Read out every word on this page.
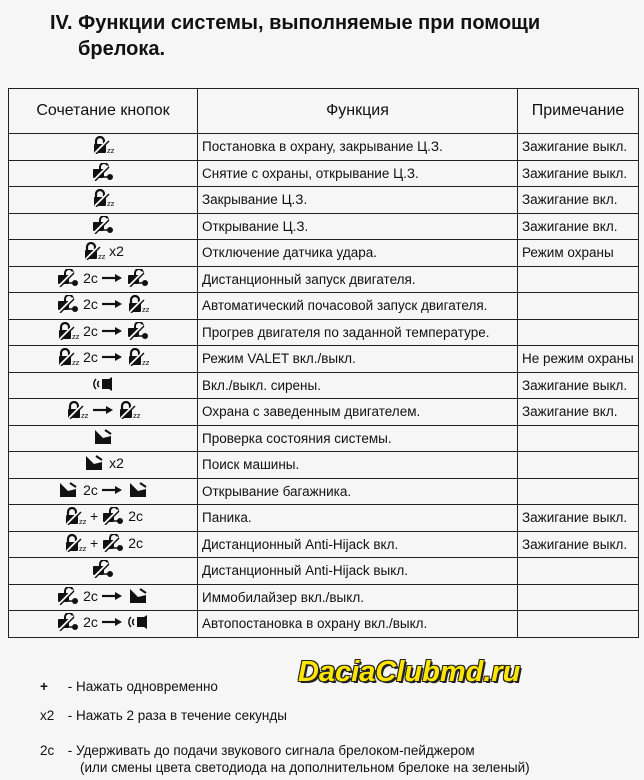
IV. Функции системы, выполняемые при помощи
брелока.
Сочетание кнопок	Функция	Примечание

zz	Постановка в охрану, закрывание Ц.З.	Зажигание выкл.

	Снятие с охраны, открывание Ц.З.	Зажигание выкл.

zz	Закрывание Ц.З.	Зажигание вкл.

	Открывание Ц.З.	Зажигание вкл.

zz x2	Отключение датчика удара.	Режим охраны

2с	Дистанционный запуск двигателя.	

2с zz	Автоматический почасовой запуск двигателя.	

zz 2с	Прогрев двигателя по заданной температуре.	

zz 2с zz	Режим VALET вкл./выкл.	Не режим охраны

	Вкл./выкл. сирены.	Зажигание выкл.

zz zz	Охрана с заведенным двигателем.	Зажигание вкл.

	Проверка состояния системы.	

x2	Поиск машины.	

2с	Открывание багажника.	

zz + 2с	Паника.	Зажигание выкл.

zz + 2с	Дистанционный Anti-Hijack вкл.	Зажигание выкл.

	Дистанционный Anti-Hijack выкл.	

2с	Иммобилайзер вкл./выкл.	

2с	Автопостановка в охрану вкл./выкл.	
DaciaClubmd.ru
+ - Нажать одновременно
x2 - Нажать 2 раза в течение секунды
2с - Удерживать до подачи звукового сигнала брелоком-пейджером
(или смены цвета светодиода на дополнительном брелоке на зеленый)
